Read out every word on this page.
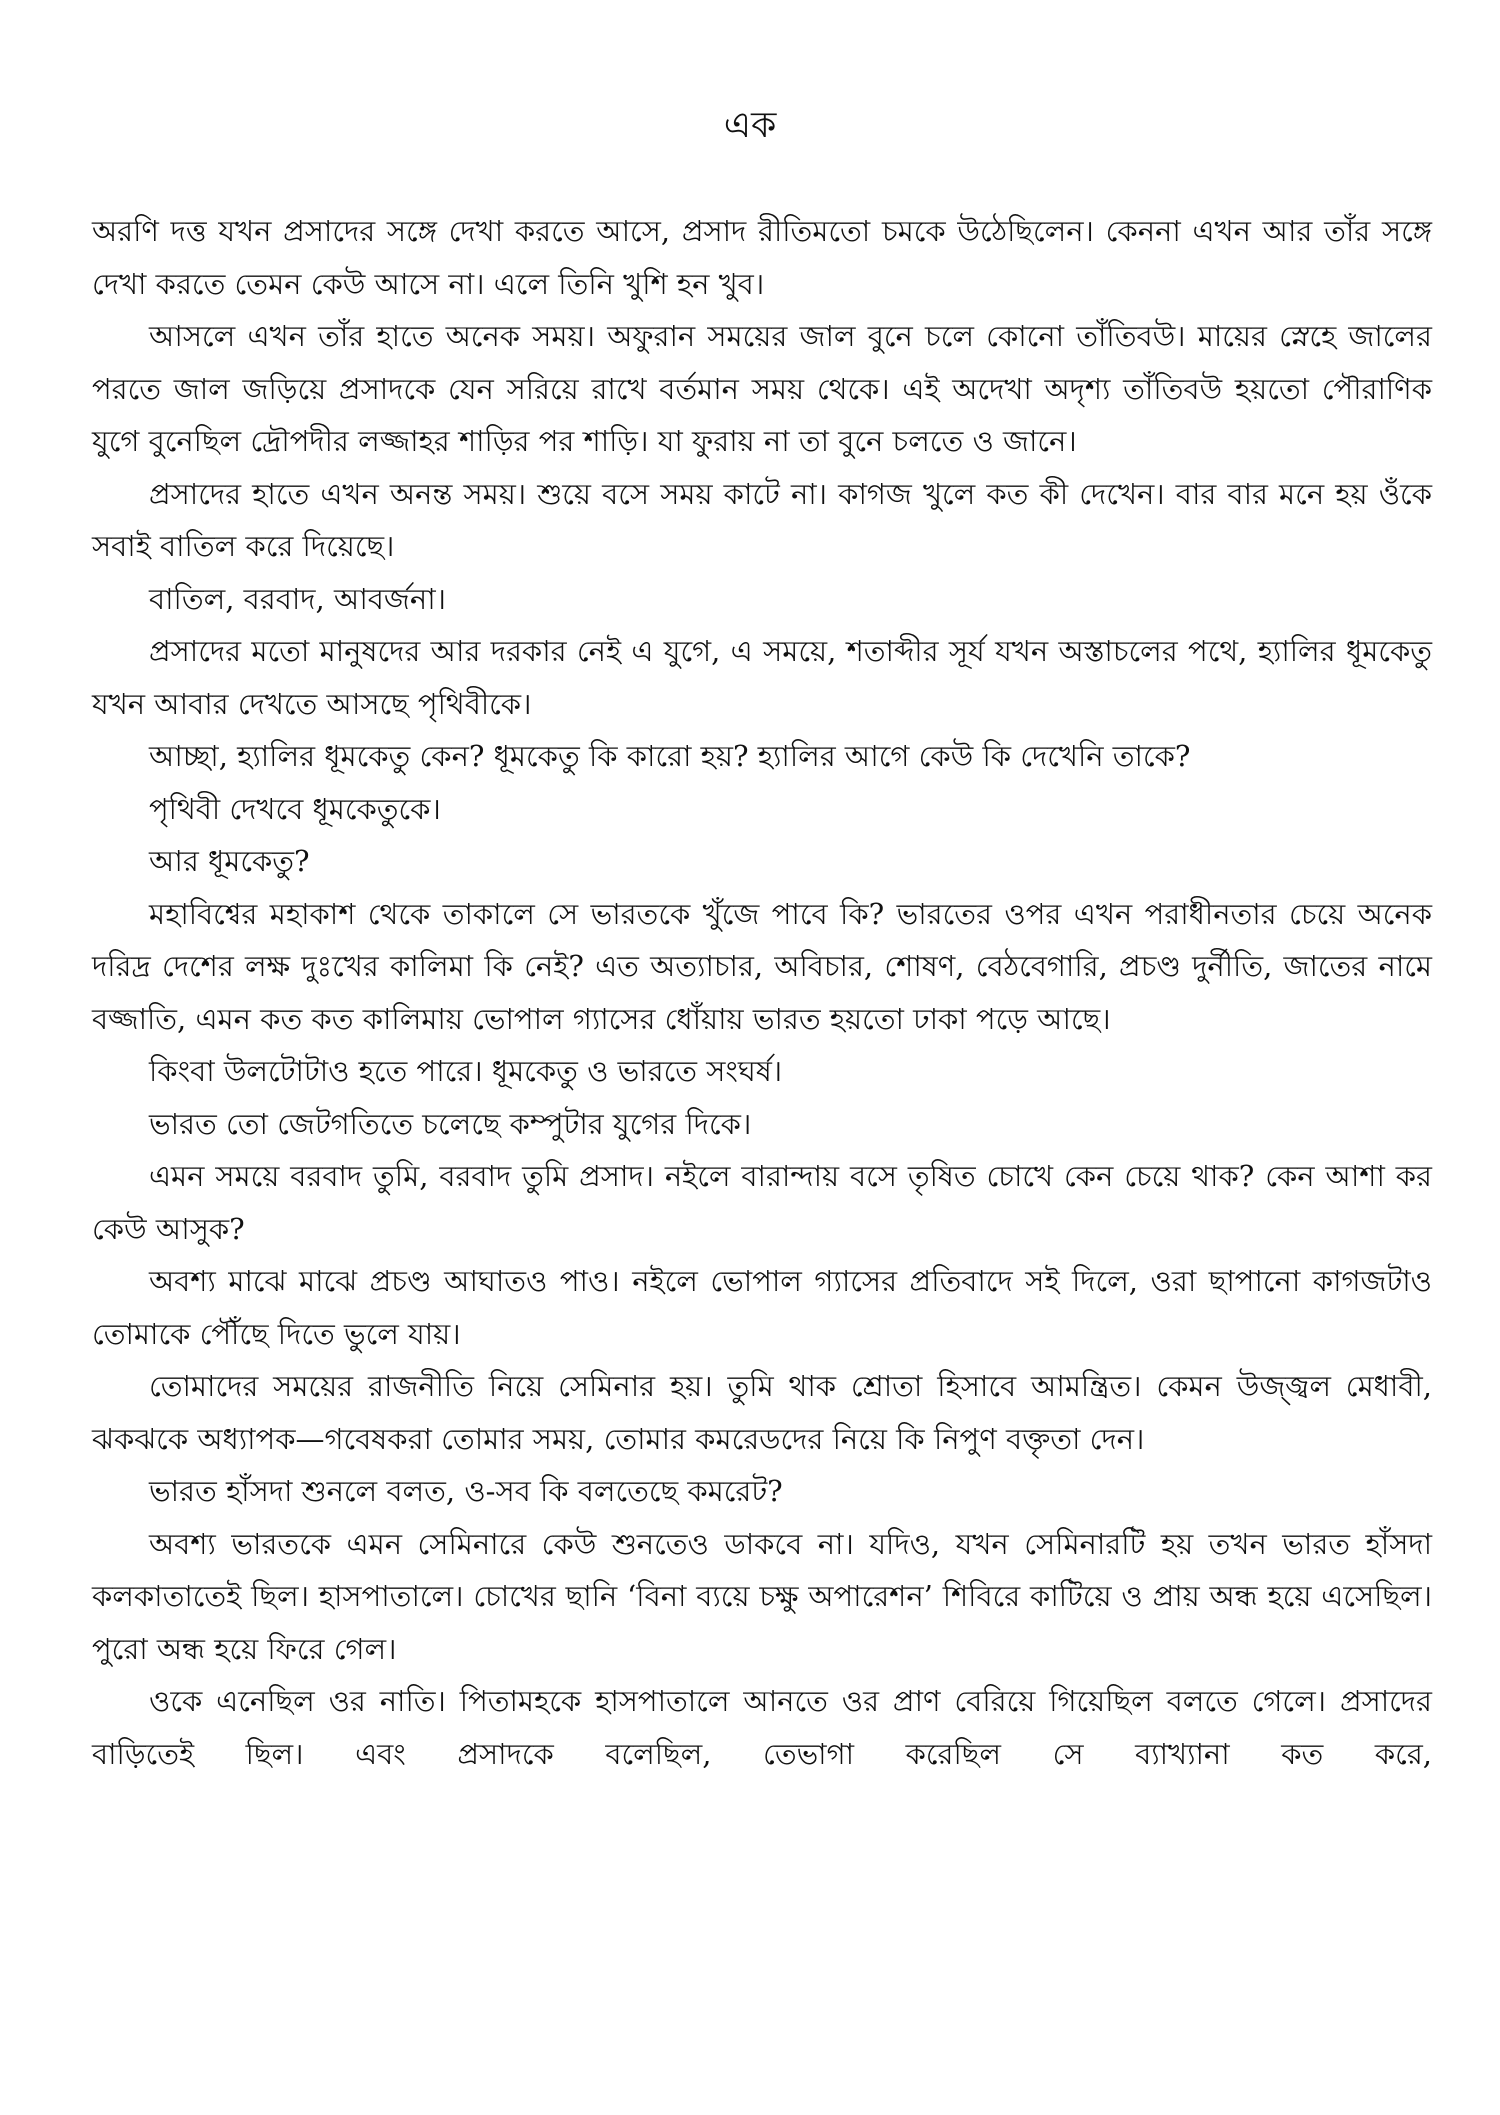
এক

অরণি দত্ত যখন প্রসাদের সঙ্গে দেখা করতে আসে, প্রসাদ রীতিমতো চমকে উঠেছিলেন। কেননা এখন আর তাঁর সঙ্গে দেখা করতে তেমন কেউ আসে না। এলে তিনি খুশি হন খুব।

আসলে এখন তাঁর হাতে অনেক সময়। অফুরান সময়ের জাল বুনে চলে কোনো তাঁতিবউ। মায়ের স্নেহে জালের পরতে জাল জড়িয়ে প্রসাদকে যেন সরিয়ে রাখে বর্তমান সময় থেকে। এই অদেখা অদৃশ্য তাঁতিবউ হয়তো পৌরাণিক যুগে বুনেছিল দ্রৌপদীর লজ্জাহর শাড়ির পর শাড়ি। যা ফুরায় না তা বুনে চলতে ও জানে।

প্রসাদের হাতে এখন অনন্ত সময়। শুয়ে বসে সময় কাটে না। কাগজ খুলে কত কী দেখেন। বার বার মনে হয় ওঁকে সবাই বাতিল করে দিয়েছে।

বাতিল, বরবাদ, আবর্জনা।

প্রসাদের মতো মানুষদের আর দরকার নেই এ যুগে, এ সময়ে, শতাব্দীর সূর্য যখন অস্তাচলের পথে, হ্যালির ধূমকেতু যখন আবার দেখতে আসছে পৃথিবীকে।

আচ্ছা, হ্যালির ধূমকেতু কেন? ধূমকেতু কি কারো হয়? হ্যালির আগে কেউ কি দেখেনি তাকে?

পৃথিবী দেখবে ধূমকেতুকে।

আর ধূমকেতু?

মহাবিশ্বের মহাকাশ থেকে তাকালে সে ভারতকে খুঁজে পাবে কি? ভারতের ওপর এখন পরাধীনতার চেয়ে অনেক দরিদ্র দেশের লক্ষ দুঃখের কালিমা কি নেই? এত অত্যাচার, অবিচার, শোষণ, বেঠবেগারি, প্রচণ্ড দুর্নীতি, জাতের নামে বজ্জাতি, এমন কত কত কালিমায় ভোপাল গ্যাসের ধোঁয়ায় ভারত হয়তো ঢাকা পড়ে আছে।

কিংবা উলটোটাও হতে পারে। ধূমকেতু ও ভারতে সংঘর্ষ।

ভারত তো জেটগতিতে চলেছে কম্পুটার যুগের দিকে।

এমন সময়ে বরবাদ তুমি, বরবাদ তুমি প্রসাদ। নইলে বারান্দায় বসে তৃষিত চোখে কেন চেয়ে থাক? কেন আশা কর কেউ আসুক?

অবশ্য মাঝে মাঝে প্রচণ্ড আঘাতও পাও। নইলে ভোপাল গ্যাসের প্রতিবাদে সই দিলে, ওরা ছাপানো কাগজটাও তোমাকে পৌঁছে দিতে ভুলে যায়।

তোমাদের সময়ের রাজনীতি নিয়ে সেমিনার হয়। তুমি থাক শ্রোতা হিসাবে আমন্ত্রিত। কেমন উজ্জ্বল মেধাবী, ঝকঝকে অধ্যাপক—গবেষকরা তোমার সময়, তোমার কমরেডদের নিয়ে কি নিপুণ বক্তৃতা দেন।

ভারত হাঁসদা শুনলে বলত, ও-সব কি বলতেছে কমরেট?

অবশ্য ভারতকে এমন সেমিনারে কেউ শুনতেও ডাকবে না। যদিও, যখন সেমিনারটি হয় তখন ভারত হাঁসদা কলকাতাতেই ছিল। হাসপাতালে। চোখের ছানি ‘বিনা ব্যয়ে চক্ষু অপারেশন’ শিবিরে কাটিয়ে ও প্রায় অন্ধ হয়ে এসেছিল। পুরো অন্ধ হয়ে ফিরে গেল।

ওকে এনেছিল ওর নাতি। পিতামহকে হাসপাতালে আনতে ওর প্রাণ বেরিয়ে গিয়েছিল বলতে গেলে। প্রসাদের বাড়িতেই ছিল। এবং প্রসাদকে বলেছিল, তেভাগা করেছিল সে ব্যাখ্যানা কত করে,
